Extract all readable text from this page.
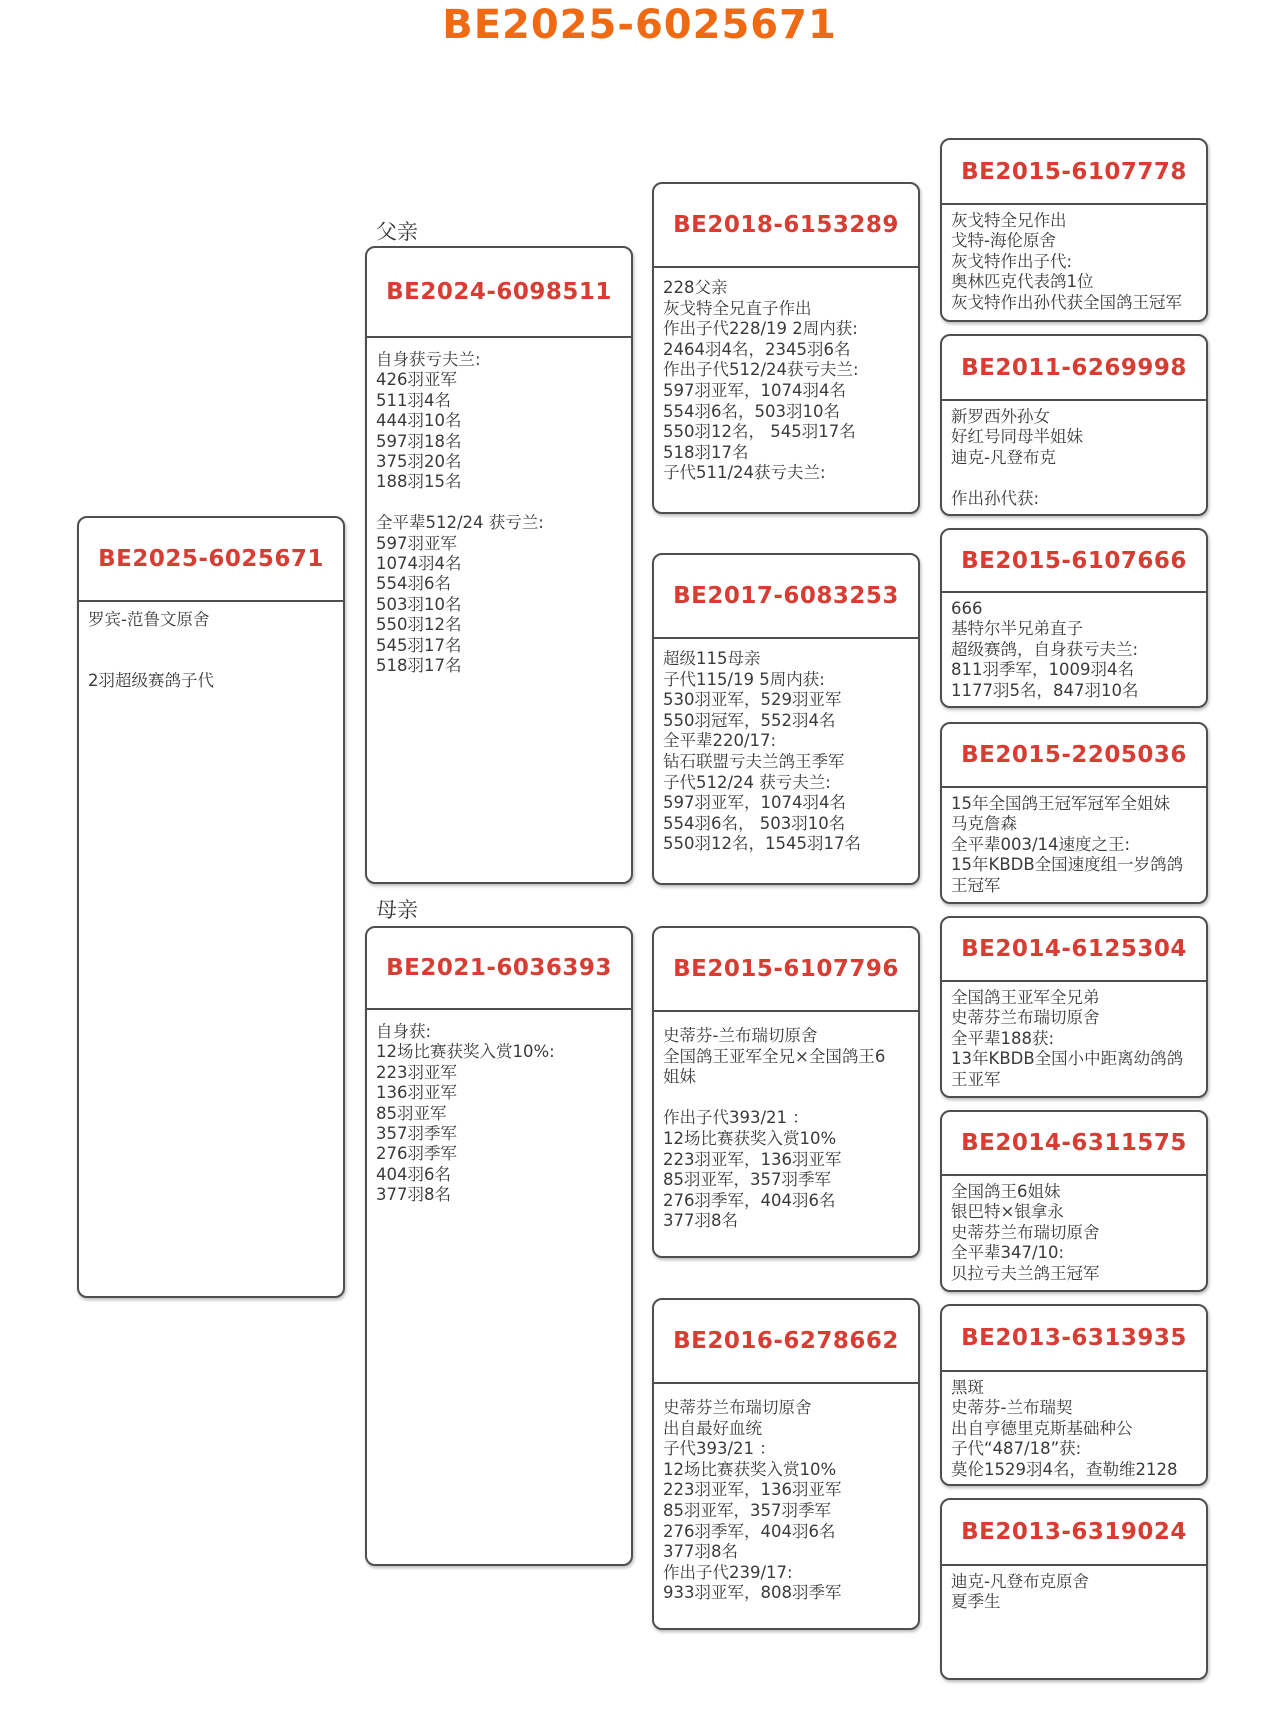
BE2025-6025671
父亲
母亲
BE2025-6025671
罗宾-范鲁文原舍
2羽超级赛鸽子代
BE2024-6098511
自身获亏夫兰:
426羽亚军
511羽4名
444羽10名
597羽18名
375羽20名
188羽15名
全平辈512/24 获亏兰:
597羽亚军
1074羽4名
554羽6名
503羽10名
550羽12名
545羽17名
518羽17名
BE2021-6036393
自身获:
12场比赛获奖入赏10%:
223羽亚军
136羽亚军
85羽亚军
357羽季军
276羽季军
404羽6名
377羽8名
BE2018-6153289
228父亲
灰戈特全兄直子作出
作出子代228/19 2周内获:
2464羽4名，2345羽6名
作出子代512/24获亏夫兰:
597羽亚军，1074羽4名
554羽6名，503羽10名
550羽12名， 545羽17名
518羽17名
子代511/24获亏夫兰:
BE2017-6083253
超级115母亲
子代115/19 5周内获:
530羽亚军，529羽亚军
550羽冠军，552羽4名
全平辈220/17:
钻石联盟亏夫兰鸽王季军
子代512/24 获亏夫兰:
597羽亚军，1074羽4名
554羽6名， 503羽10名
550羽12名，1545羽17名
BE2015-6107796
史蒂芬-兰布瑞切原舍
全国鸽王亚军全兄×全国鸽王6
姐妹
作出子代393/21 ：
12场比赛获奖入赏10%
223羽亚军，136羽亚军
85羽亚军，357羽季军
276羽季军，404羽6名
377羽8名
BE2016-6278662
史蒂芬兰布瑞切原舍
出自最好血统
子代393/21 ：
12场比赛获奖入赏10%
223羽亚军，136羽亚军
85羽亚军，357羽季军
276羽季军，404羽6名
377羽8名
作出子代239/17:
933羽亚军，808羽季军
BE2015-6107778
灰戈特全兄作出
戈特-海伦原舍
灰戈特作出子代:
奥林匹克代表鸽1位
灰戈特作出孙代获全国鸽王冠军
BE2011-6269998
新罗西外孙女
好红号同母半姐妹
迪克-凡登布克
作出孙代获:
BE2015-6107666
666
基特尔半兄弟直子
超级赛鸽，自身获亏夫兰:
811羽季军，1009羽4名
1177羽5名，847羽10名
BE2015-2205036
15年全国鸽王冠军冠军全姐妹
马克詹森
全平辈003/14速度之王:
15年KBDB全国速度组一岁鸽鸽
王冠军
BE2014-6125304
全国鸽王亚军全兄弟
史蒂芬兰布瑞切原舍
全平辈188获:
13年KBDB全国小中距离幼鸽鸽
王亚军
BE2014-6311575
全国鸽王6姐妹
银巴特×银拿永
史蒂芬兰布瑞切原舍
全平辈347/10:
贝拉亏夫兰鸽王冠军
BE2013-6313935
黑斑
史蒂芬-兰布瑞契
出自亨德里克斯基础种公
子代“487/18”获:
莫伦1529羽4名，查勒维2128
BE2013-6319024
迪克-凡登布克原舍
夏季生
